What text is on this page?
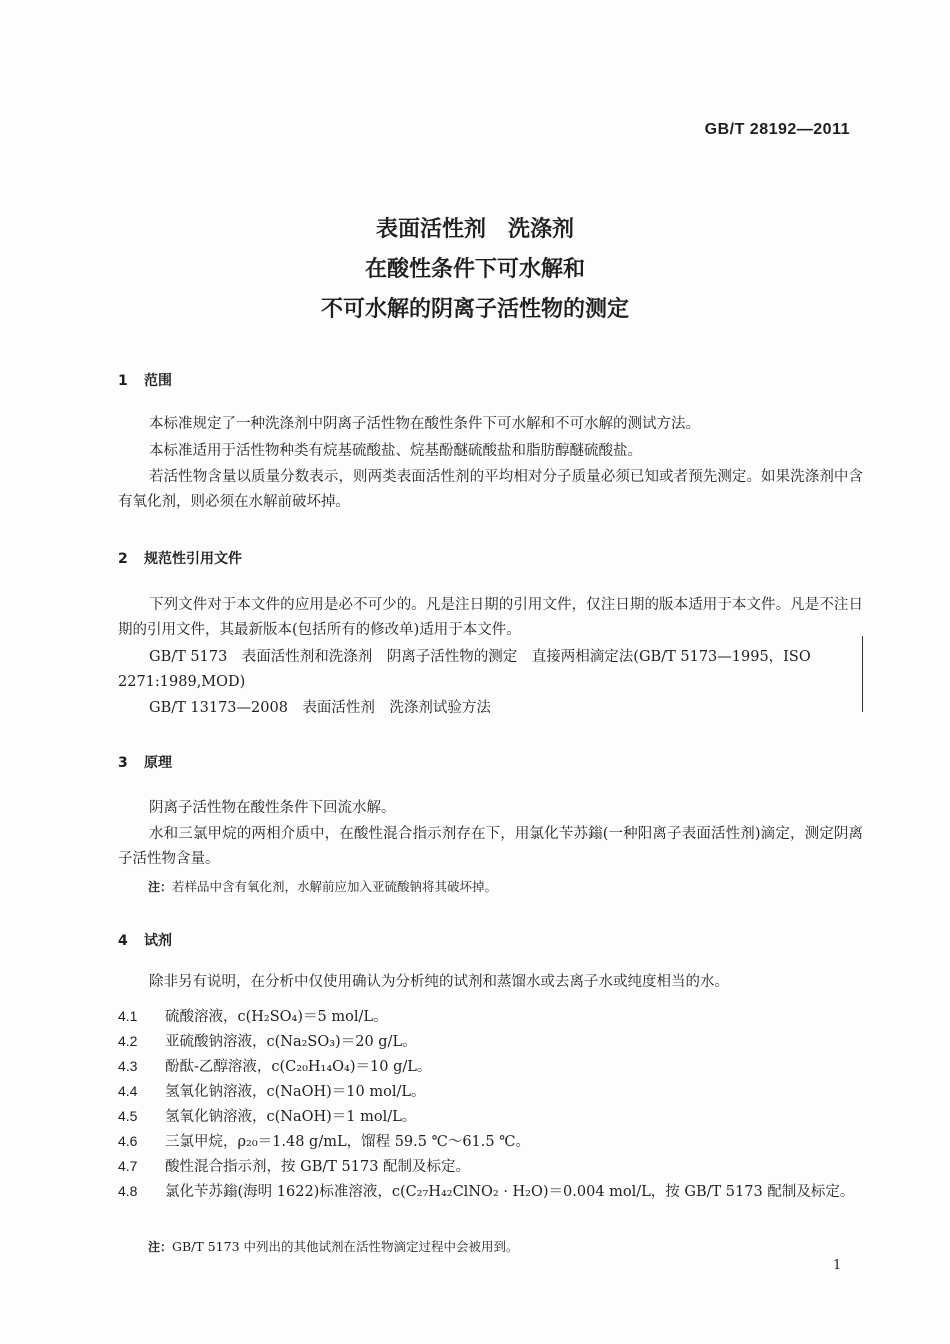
GB/T 28192—2011
表面活性剂　洗涤剂
在酸性条件下可水解和
不可水解的阴离子活性物的测定
1 范围
本标准规定了一种洗涤剂中阴离子活性物在酸性条件下可水解和不可水解的测试方法。
本标准适用于活性物种类有烷基硫酸盐、烷基酚醚硫酸盐和脂肪醇醚硫酸盐。
若活性物含量以质量分数表示，则两类表面活性剂的平均相对分子质量必须已知或者预先测定。如果洗涤剂中含有氧化剂，则必须在水解前破坏掉。
2 规范性引用文件
下列文件对于本文件的应用是必不可少的。凡是注日期的引用文件，仅注日期的版本适用于本文件。凡是不注日期的引用文件，其最新版本(包括所有的修改单)适用于本文件。
GB/T 5173　表面活性剂和洗涤剂　阴离子活性物的测定　直接两相滴定法(GB/T 5173—1995，ISO 2271:1989,MOD)
GB/T 13173—2008　表面活性剂　洗涤剂试验方法
3 原理
阴离子活性物在酸性条件下回流水解。
水和三氯甲烷的两相介质中，在酸性混合指示剂存在下，用氯化苄苏鎓(一种阳离子表面活性剂)滴定，测定阴离子活性物含量。
注：若样品中含有氧化剂，水解前应加入亚硫酸钠将其破坏掉。
4 试剂
除非另有说明，在分析中仅使用确认为分析纯的试剂和蒸馏水或去离子水或纯度相当的水。
4.1 硫酸溶液，c(H₂SO₄)＝5 mol/L。
4.2 亚硫酸钠溶液，c(Na₂SO₃)＝20 g/L。
4.3 酚酞-乙醇溶液，c(C₂₀H₁₄O₄)＝10 g/L。
4.4 氢氧化钠溶液，c(NaOH)＝10 mol/L。
4.5 氢氧化钠溶液，c(NaOH)＝1 mol/L。
4.6 三氯甲烷，ρ₂₀＝1.48 g/mL，馏程 59.5 ℃～61.5 ℃。
4.7 酸性混合指示剂，按 GB/T 5173 配制及标定。
4.8 氯化苄苏鎓(海明 1622)标准溶液，c(C₂₇H₄₂ClNO₂ · H₂O)＝0.004 mol/L，按 GB/T 5173 配制及标定。
注：GB/T 5173 中列出的其他试剂在活性物滴定过程中会被用到。
1
